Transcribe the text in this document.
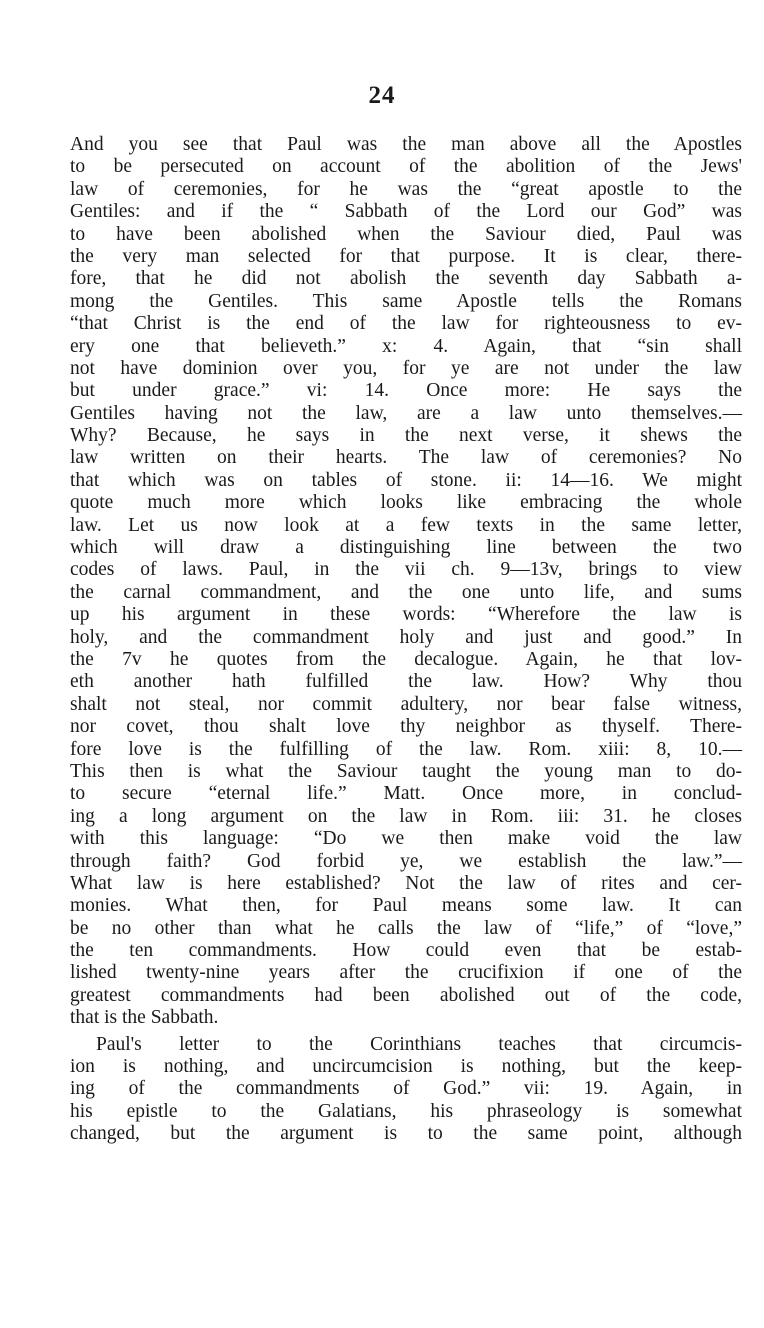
24
And you see that Paul was the man above all the Apostles
to be persecuted on account of the abolition of the Jews'
law of ceremonies, for he was the “great apostle to the
Gentiles: and if the “ Sabbath of the Lord our God” was
to have been abolished when the Saviour died, Paul was
the very man selected for that purpose. It is clear, there-
fore, that he did not abolish the seventh day Sabbath a-
mong the Gentiles. This same Apostle tells the Romans
“that Christ is the end of the law for righteousness to ev-
ery one that believeth.” x: 4. Again, that “sin shall
not have dominion over you, for ye are not under the law
but under grace.” vi: 14. Once more: He says the
Gentiles having not the law, are a law unto themselves.—
Why? Because, he says in the next verse, it shews the
law written on their hearts. The law of ceremonies? No
that which was on tables of stone. ii: 14—16. We might
quote much more which looks like embracing the whole
law. Let us now look at a few texts in the same letter,
which will draw a distinguishing line between the two
codes of laws. Paul, in the vii ch. 9—13v, brings to view
the carnal commandment, and the one unto life, and sums
up his argument in these words: “Wherefore the law is
holy, and the commandment holy and just and good.” In
the 7v he quotes from the decalogue. Again, he that lov-
eth another hath fulfilled the law. How? Why thou
shalt not steal, nor commit adultery, nor bear false witness,
nor covet, thou shalt love thy neighbor as thyself. There-
fore love is the fulfilling of the law. Rom. xiii: 8, 10.—
This then is what the Saviour taught the young man to do-
to secure “eternal life.” Matt. Once more, in conclud-
ing a long argument on the law in Rom. iii: 31. he closes
with this language: “Do we then make void the law
through faith? God forbid ye, we establish the law.”—
What law is here established? Not the law of rites and cer-
monies. What then, for Paul means some law. It can
be no other than what he calls the law of “life,” of “love,”
the ten commandments. How could even that be estab-
lished twenty-nine years after the crucifixion if one of the
greatest commandments had been abolished out of the code,
that is the Sabbath.
Paul's letter to the Corinthians teaches that circumcis-
ion is nothing, and uncircumcision is nothing, but the keep-
ing of the commandments of God.” vii: 19. Again, in
his epistle to the Galatians, his phraseology is somewhat
changed, but the argument is to the same point, although
